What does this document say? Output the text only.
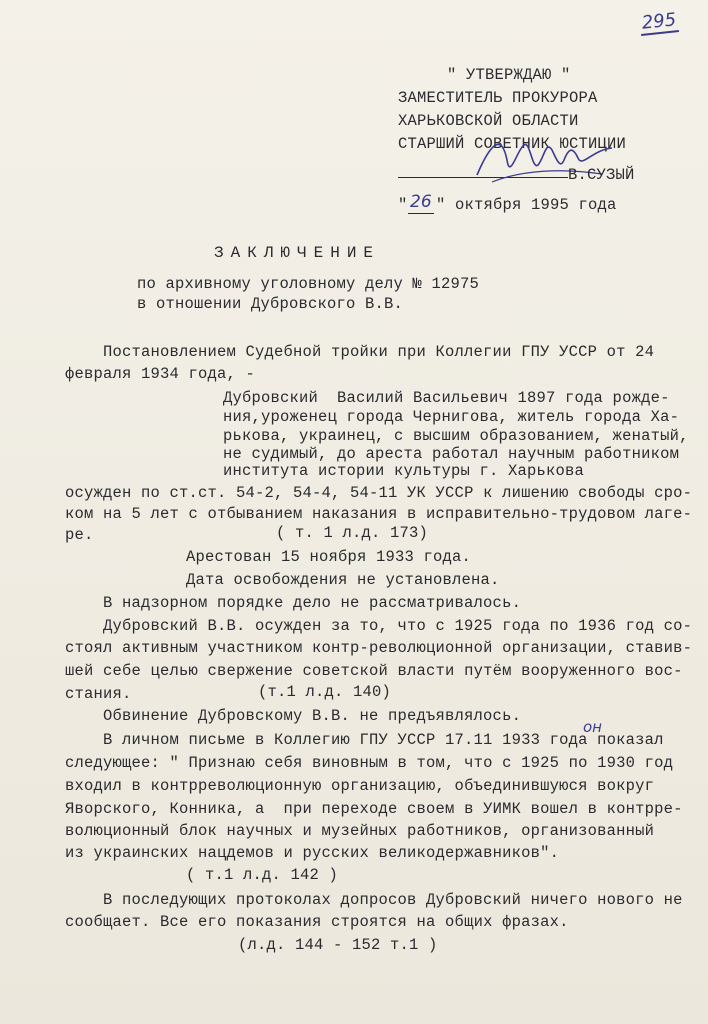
295
" УТВЕРЖДАЮ "
ЗАМЕСТИТЕЛЬ ПРОКУРОРА
ХАРЬКОВСКОЙ ОБЛАСТИ
СТАРШИЙ СОВЕТНИК ЮСТИЦИИ
В.СУЗЫЙ
" 26 " октября 1995 года
ЗАКЛЮЧЕНИЕ
по архивному уголовному делу № 12975
в отношении Дубровского В.В.
Постановлением Судебной тройки при Коллегии ГПУ УССР от 24
февраля 1934 года, -
Дубровский  Василий Васильевич 1897 года рожде-
ния,уроженец города Чернигова, житель города Ха-
рькова, украинец, с высшим образованием, женатый,
не судимый, до ареста работал научным работником
института истории культуры г. Харькова
осужден по ст.ст. 54-2, 54-4, 54-11 УК УССР к лишению свободы сро-
ком на 5 лет с отбыванием наказания в исправительно-трудовом лаге-
ре.	( т. 1 л.д. 173)
Арестован 15 ноября 1933 года.
Дата освобождения не установлена.
В надзорном порядке дело не рассматривалось.
Дубровский В.В. осужден за то, что с 1925 года по 1936 год со-
стоял активным участником контр-революционной организации, ставив-
шей себе целью свержение советской власти путём вооруженного вос-
стания.	(т.1 л.д. 140)
Обвинение Дубровскому В.В. не предъявлялось.
он
В личном письме в Коллегию ГПУ УССР 17.11 1933 года показал
следующее: " Признаю себя виновным в том, что с 1925 по 1930 год
входил в контрреволюционную организацию, объединившуюся вокруг
Яворского, Конника, а  при переходе своем в УИМК вошел в контрре-
волюционный блок научных и музейных работников, организованный
из украинских нацдемов и русских великодержавников".
( т.1 л.д. 142 )
В последующих протоколах допросов Дубровский ничего нового не
сообщает. Все его показания строятся на общих фразах.
(л.д. 144 - 152 т.1 )
